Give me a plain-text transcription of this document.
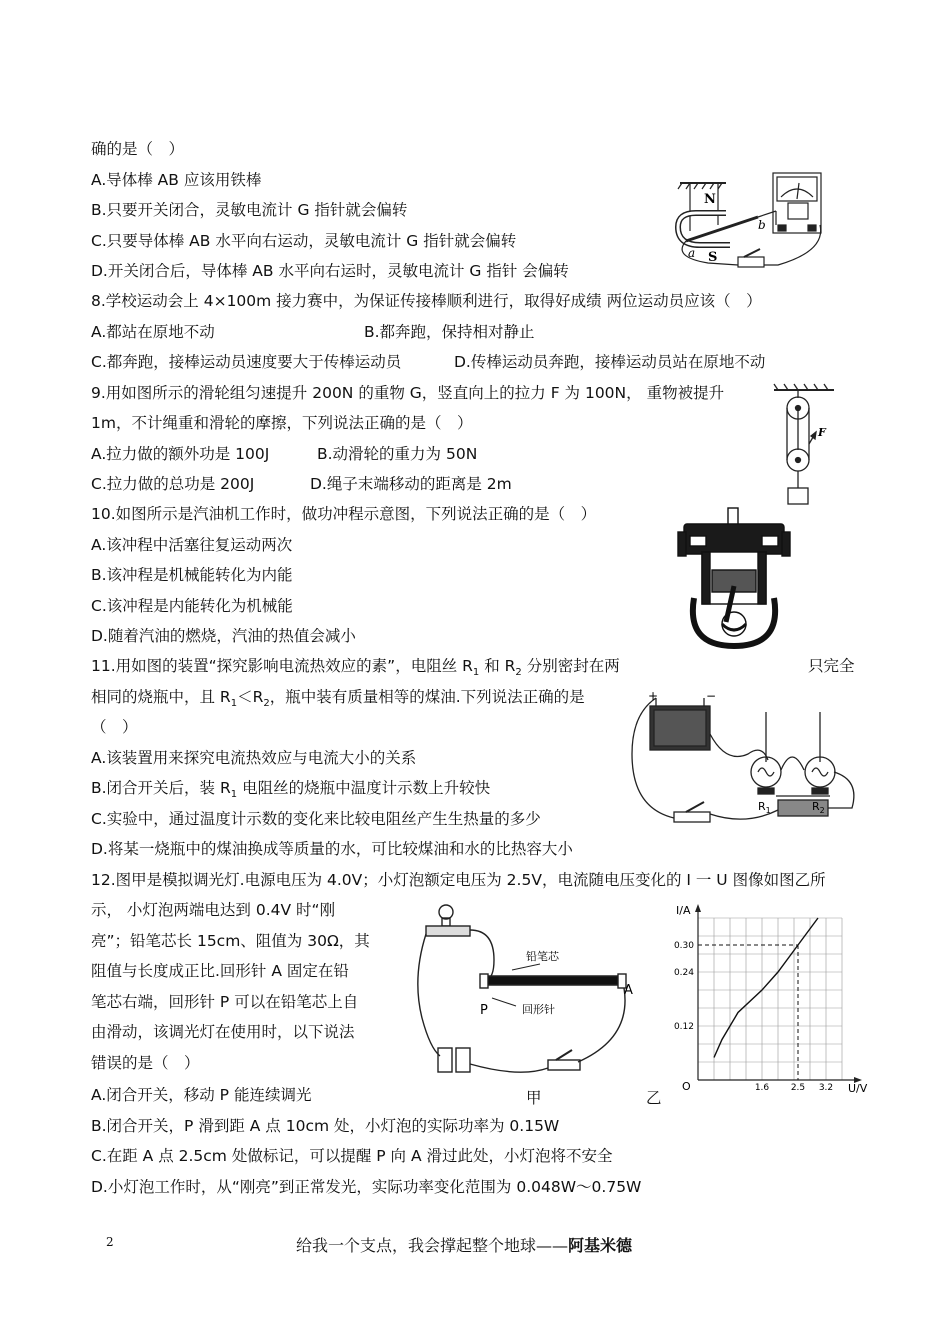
确的是（　）
A.导体棒 AB 应该用铁棒
B.只要开关闭合，灵敏电流计 G 指针就会偏转
C.只要导体棒 AB 水平向右运动，灵敏电流计 G 指针就会偏转
D.开关闭合后，导体棒 AB 水平向右运时，灵敏电流计 G 指针 会偏转
8.学校运动会上 4×100m 接力赛中，为保证传接棒顺利进行，取得好成绩 两位运动员应该（　）
A.都站在原地不动	B.都奔跑，保持相对静止
C.都奔跑，接棒运动员速度要大于传棒运动员	D.传棒运动员奔跑，接棒运动员站在原地不动
9.用如图所示的滑轮组匀速提升 200N 的重物 G，竖直向上的拉力 F 为 100N， 重物被提升
1m，不计绳重和滑轮的摩擦，下列说法正确的是（　）
A.拉力做的额外功是 100J	B.动滑轮的重力为 50N
C.拉力做的总功是 200J	D.绳子末端移动的距离是 2m
10.如图所示是汽油机工作时，做功冲程示意图，下列说法正确的是（　）
A.该冲程中活塞往复运动两次
B.该冲程是机械能转化为内能
C.该冲程是内能转化为机械能
D.随着汽油的燃烧，汽油的热值会减小
11.用如图的装置“探究影响电流热效应的素”，电阻丝 $R_1$ 和 $R_2$ 分别密封在两	只完全
相同的烧瓶中，且 $R_1<R_2$，瓶中装有质量相等的煤油.下列说法正确的是
（　）
A.该装置用来探究电流热效应与电流大小的关系
B.闭合开关后，装 $R_1$ 电阻丝的烧瓶中温度计示数上升较快
C.实验中，通过温度计示数的变化来比较电阻丝产生生热量的多少
D.将某一烧瓶中的煤油换成等质量的水，可比较煤油和水的比热容大小
12.图甲是模拟调光灯.电源电压为 4.0V；小灯泡额定电压为 2.5V，电流随电压变化的 I 一 U 图像如图乙所
示， 小灯泡两端电达到 0.4V 时“刚
亮”；铅笔芯长 15cm、阻值为 30Ω，其
阻值与长度成正比.回形针 A 固定在铅
笔芯右端，回形针 P 可以在铅笔芯上自
由滑动，该调光灯在使用时，以下说法
错误的是（　）
A.闭合开关，移动 P 能连续调光
B.闭合开关，P 滑到距 A 点 10cm 处，小灯泡的实际功率为 0.15W
C.在距 A 点 2.5cm 处做标记，可以提醒 P 向 A 滑过此处，小灯泡将不安全
D.小灯泡工作时，从“刚亮”到正常发光，实际功率变化范围为 0.048W～0.75W
N
S
a
b
F
+	−
$R_1$	$R_2$
铅笔芯
回形针
P
A
甲
I/A
U/V
O	1.6 2.5 3.2
0.12
0.24
0.30
乙
2	给我一个支点，我会撑起整个地球——阿基米德
